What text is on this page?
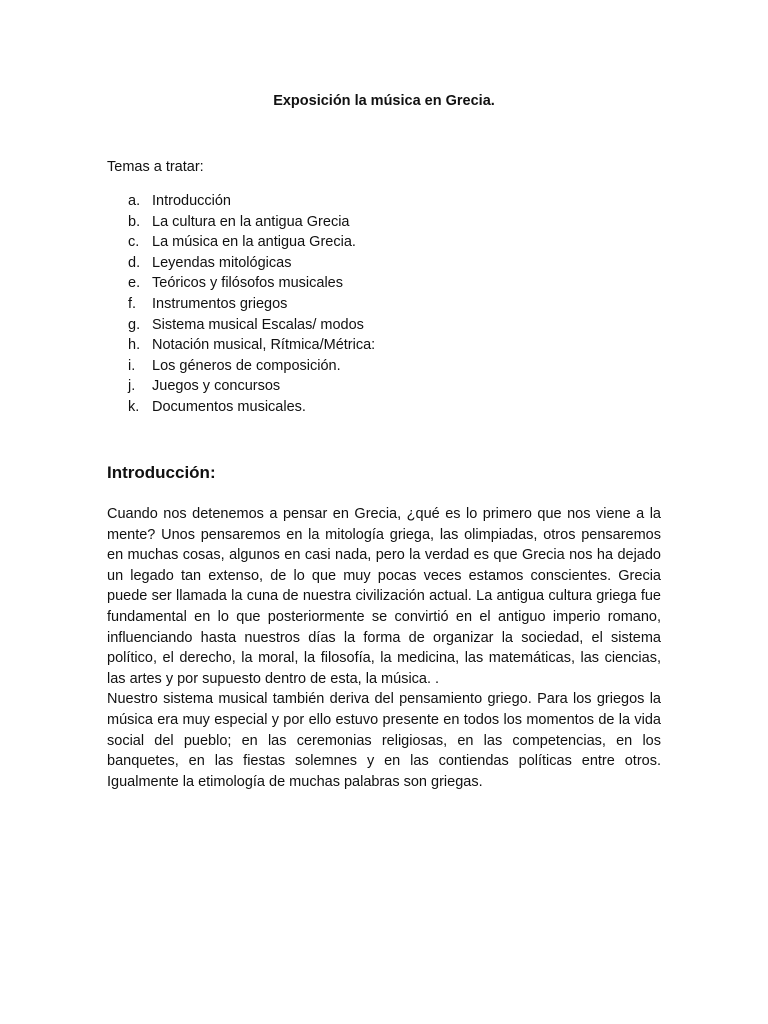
Exposición la música en Grecia.
Temas a tratar:
a. Introducción
b. La cultura en la antigua Grecia
c. La música en la antigua Grecia.
d. Leyendas mitológicas
e. Teóricos y filósofos musicales
f. Instrumentos griegos
g. Sistema musical Escalas/ modos
h. Notación musical, Rítmica/Métrica:
i. Los géneros de composición.
j. Juegos y concursos
k. Documentos musicales.
Introducción:

Cuando nos detenemos a pensar en Grecia, ¿qué es lo primero que nos viene a la mente? Unos pensaremos en la mitología griega, las olimpiadas, otros pensaremos en muchas cosas, algunos en casi nada, pero la verdad es que Grecia nos ha dejado un legado tan extenso, de lo que muy pocas veces estamos conscientes. Grecia puede ser llamada la cuna de nuestra civilización actual. La antigua cultura griega fue fundamental en lo que posteriormente se convirtió en el antiguo imperio romano, influenciando hasta nuestros días la forma de organizar la sociedad, el sistema político, el derecho, la moral, la filosofía, la medicina, las matemáticas, las ciencias, las artes y por supuesto dentro de esta, la música. .
Nuestro sistema musical también deriva del pensamiento griego. Para los griegos la música era muy especial y por ello estuvo presente en todos los momentos de la vida social del pueblo; en las ceremonias religiosas, en las competencias, en los banquetes, en las fiestas solemnes y en las contiendas políticas entre otros. Igualmente la etimología de muchas palabras son griegas.
